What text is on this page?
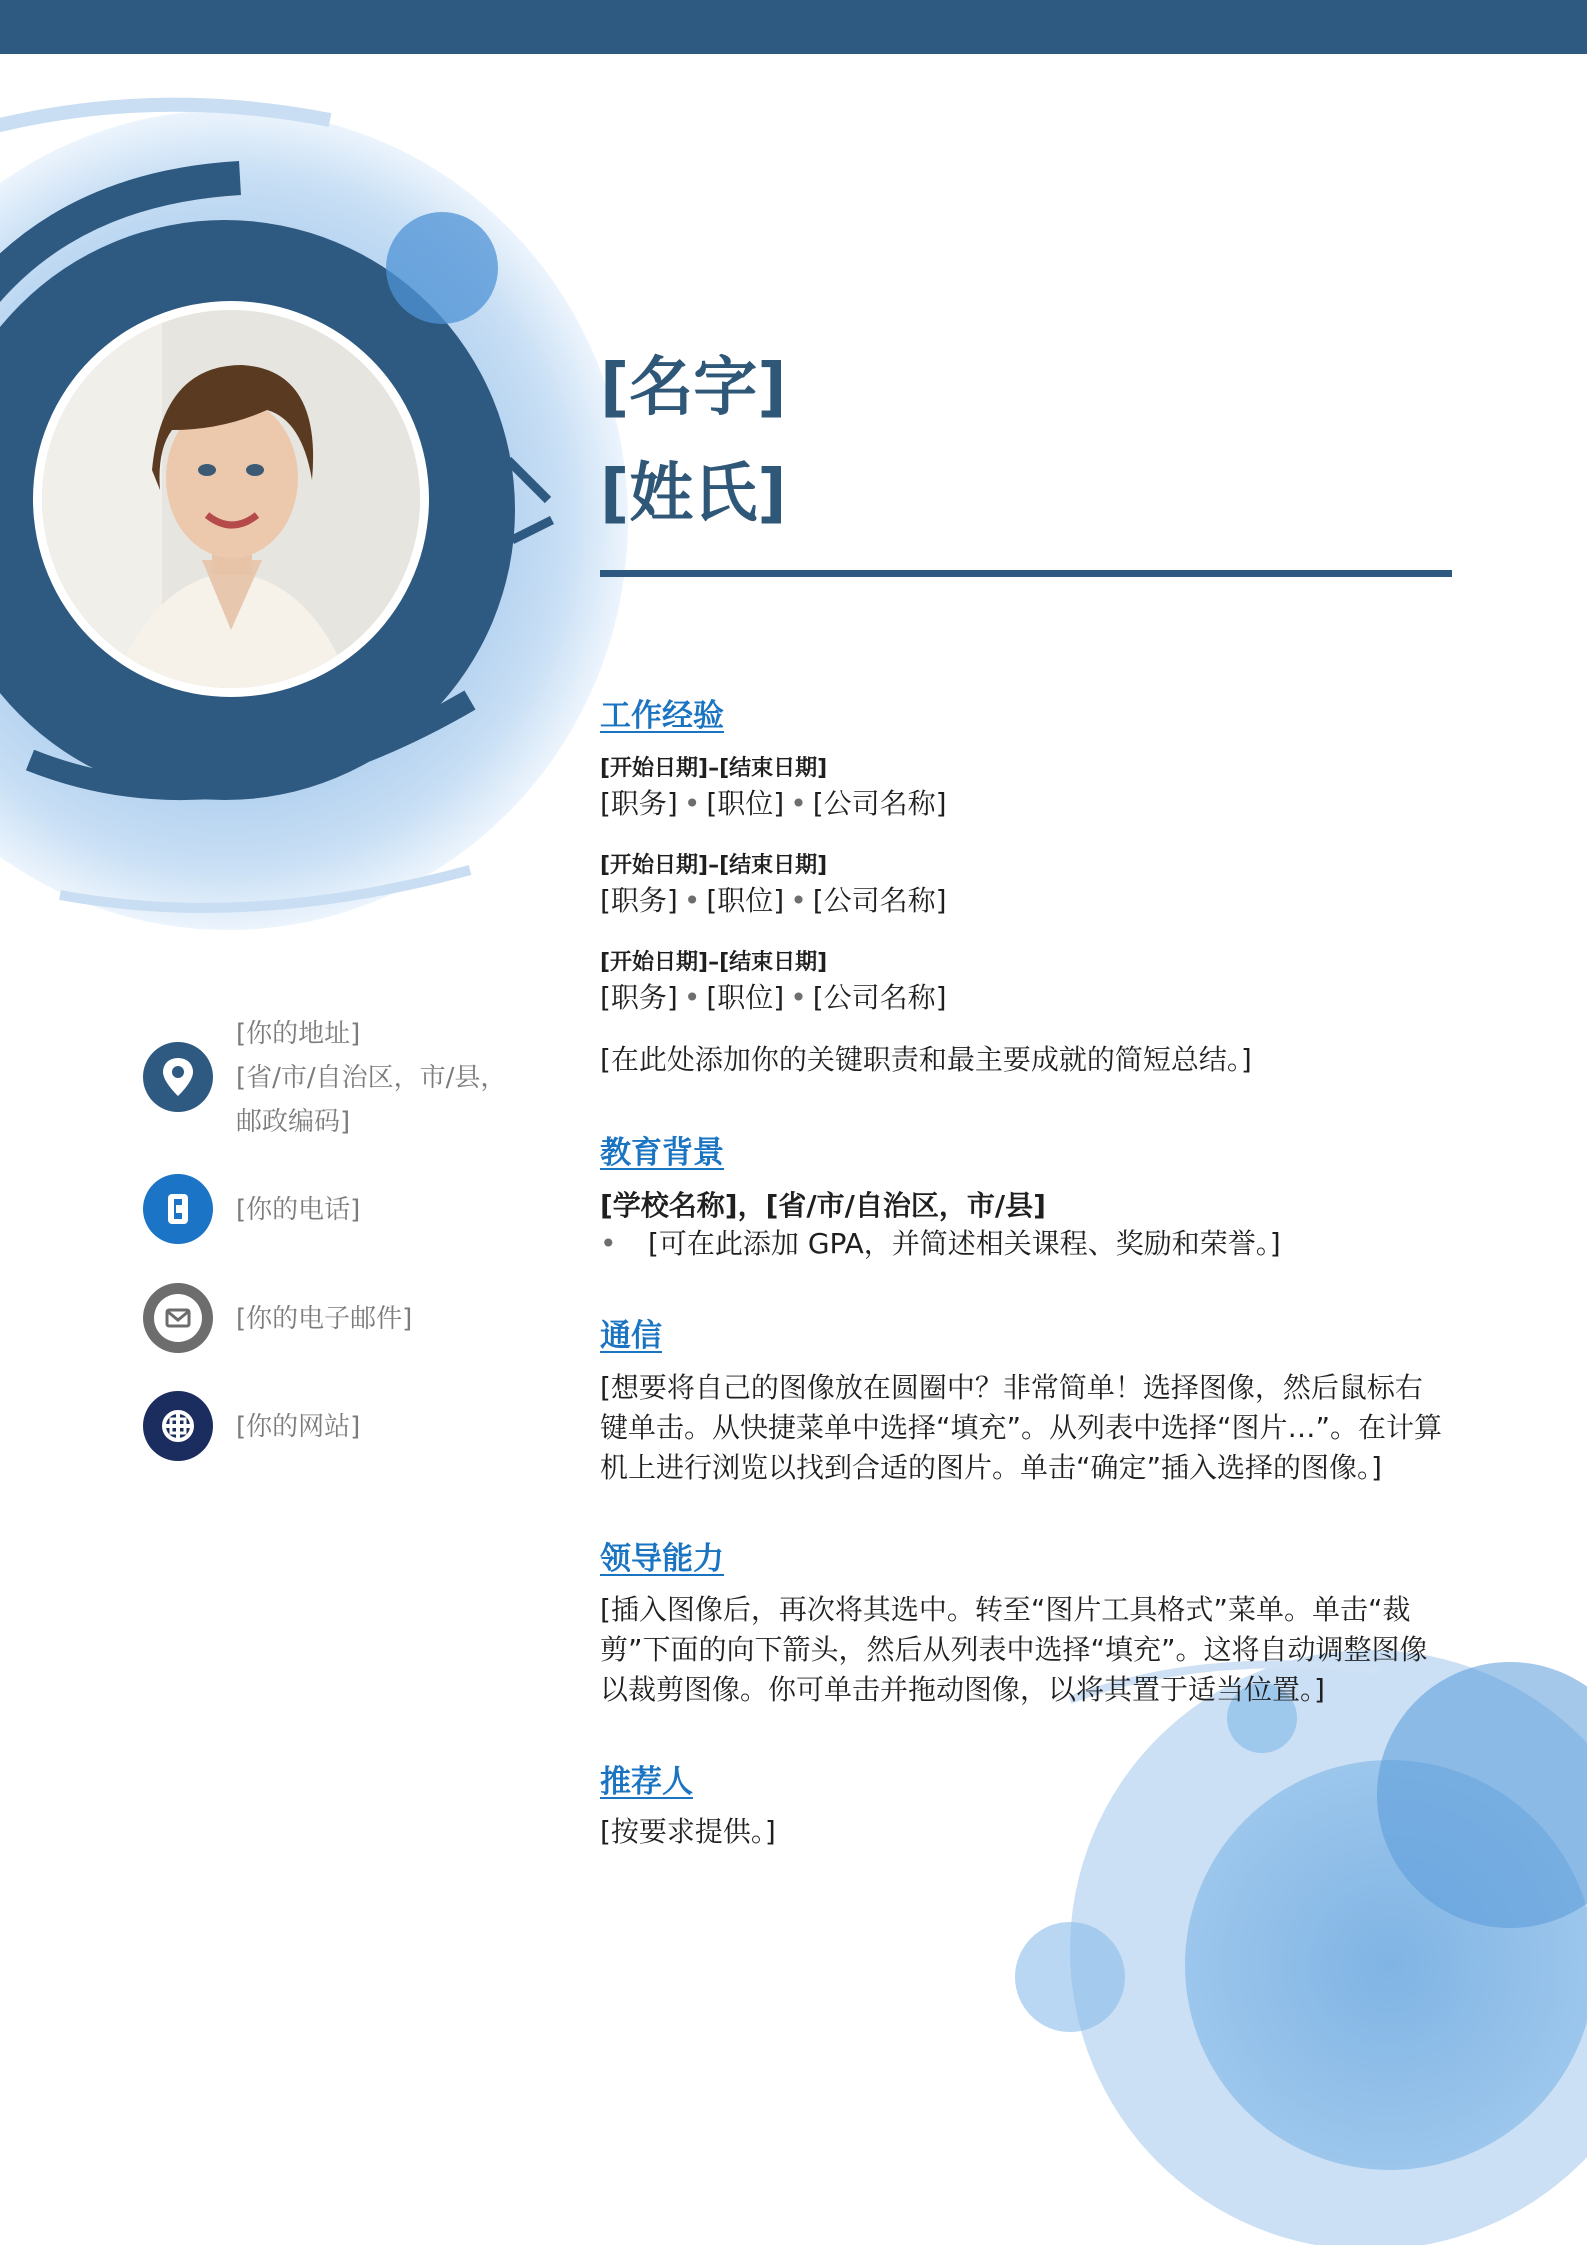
[名字]
[姓氏]
工作经验
[开始日期]–[结束日期]
[职务] • [职位] • [公司名称]
[开始日期]–[结束日期]
[职务] • [职位] • [公司名称]
[开始日期]–[结束日期]
[职务] • [职位] • [公司名称]
[在此处添加你的关键职责和最主要成就的简短总结。]
教育背景
[学校名称]，[省/市/自治区，市/县]
• [可在此添加 GPA，并简述相关课程、奖励和荣誉。]
通信
[想要将自己的图像放在圆圈中？非常简单！选择图像，然后鼠标右键单击。从快捷菜单中选择“填充”。从列表中选择“图片…”。在计算机上进行浏览以找到合适的图片。单击“确定”插入选择的图像。]
领导能力
[插入图像后，再次将其选中。转至“图片工具格式”菜单。单击“裁剪”下面的向下箭头，然后从列表中选择“填充”。这将自动调整图像以裁剪图像。你可单击并拖动图像，以将其置于适当位置。]
推荐人
[按要求提供。]
[你的地址]
[省/市/自治区，市/县，
邮政编码]
[你的电话]
[你的电子邮件]
[你的网站]
